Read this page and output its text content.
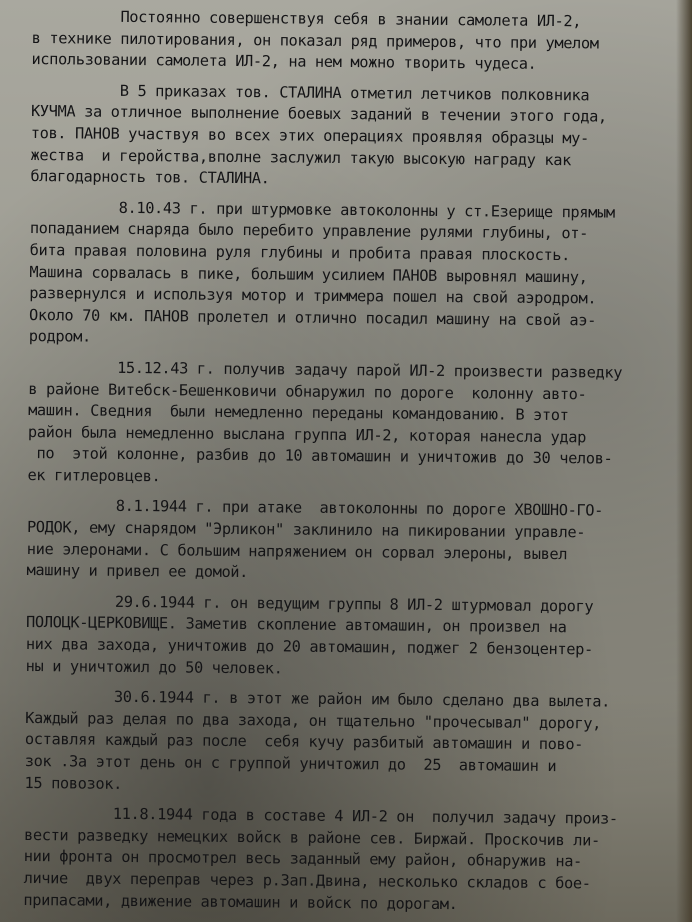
Постоянно совершенствуя себя в знании самолета ИЛ-2,
в технике пилотирования, он показал ряд примеров, что при умелом
использовании самолета ИЛ-2, на нем можно творить чудеса.
В 5 приказах тов. СТАЛИНА отметил летчиков полковника
КУЧМА за отличное выполнение боевых заданий в течении этого года,
тов. ПАНОВ участвуя во всех этих операциях проявляя образцы му-
жества  и геройства,вполне заслужил такую высокую награду как
благодарность тов. СТАЛИНА.
8.10.43 г. при штурмовке автоколонны у ст.Езерище прямым
попаданием снаряда было перебито управление рулями глубины, от-
бита правая половина руля глубины и пробита правая плоскость.
Машина сорвалась в пике, большим усилием ПАНОВ выровнял машину,
развернулся и используя мотор и триммера пошел на свой аэродром.
Около 70 км. ПАНОВ пролетел и отлично посадил машину на свой аэ-
родром.
15.12.43 г. получив задачу парой ИЛ-2 произвести разведку
в районе Витебск-Бешенковичи обнаружил по дороге  колонну авто-
машин. Сведния  были немедленно переданы командованию. В этот
район была немедленно выслана группа ИЛ-2, которая нанесла удар
по  этой колонне, разбив до 10 автомашин и уничтожив до 30 челов-
ек гитлеровцев.
8.1.1944 г. при атаке  автоколонны по дороге ХВОШНО-ГО-
РОДОК, ему снарядом "Эрликон" заклинило на пикировании управле-
ние элеронами. С большим напряжением он сорвал элероны, вывел
машину и привел ее домой.
29.6.1944 г. он ведущим группы 8 ИЛ-2 штурмовал дорогу
ПОЛОЦК-ЦЕРКОВИЩЕ. Заметив скопление автомашин, он произвел на
них два захода, уничтожив до 20 автомашин, поджег 2 бензоцентер-
ны и уничтожил до 50 человек.
30.6.1944 г. в этот же район им было сделано два вылета.
Каждый раз делая по два захода, он тщательно "прочесывал" дорогу,
оставляя каждый раз после  себя кучу разбитый автомашин и пово-
зок .За этот день он с группой уничтожил до  25  автомашин и
15 повозок.
11.8.1944 года в составе 4 ИЛ-2 он  получил задачу произ-
вести разведку немецких войск в районе сев. Биржай. Проскочив ли-
нии фронта он просмотрел весь заданный ему район, обнаружив на-
личие  двух переправ через р.Зап.Двина, несколько складов с бое-
припасами, движение автомашин и войск по дорогам.
